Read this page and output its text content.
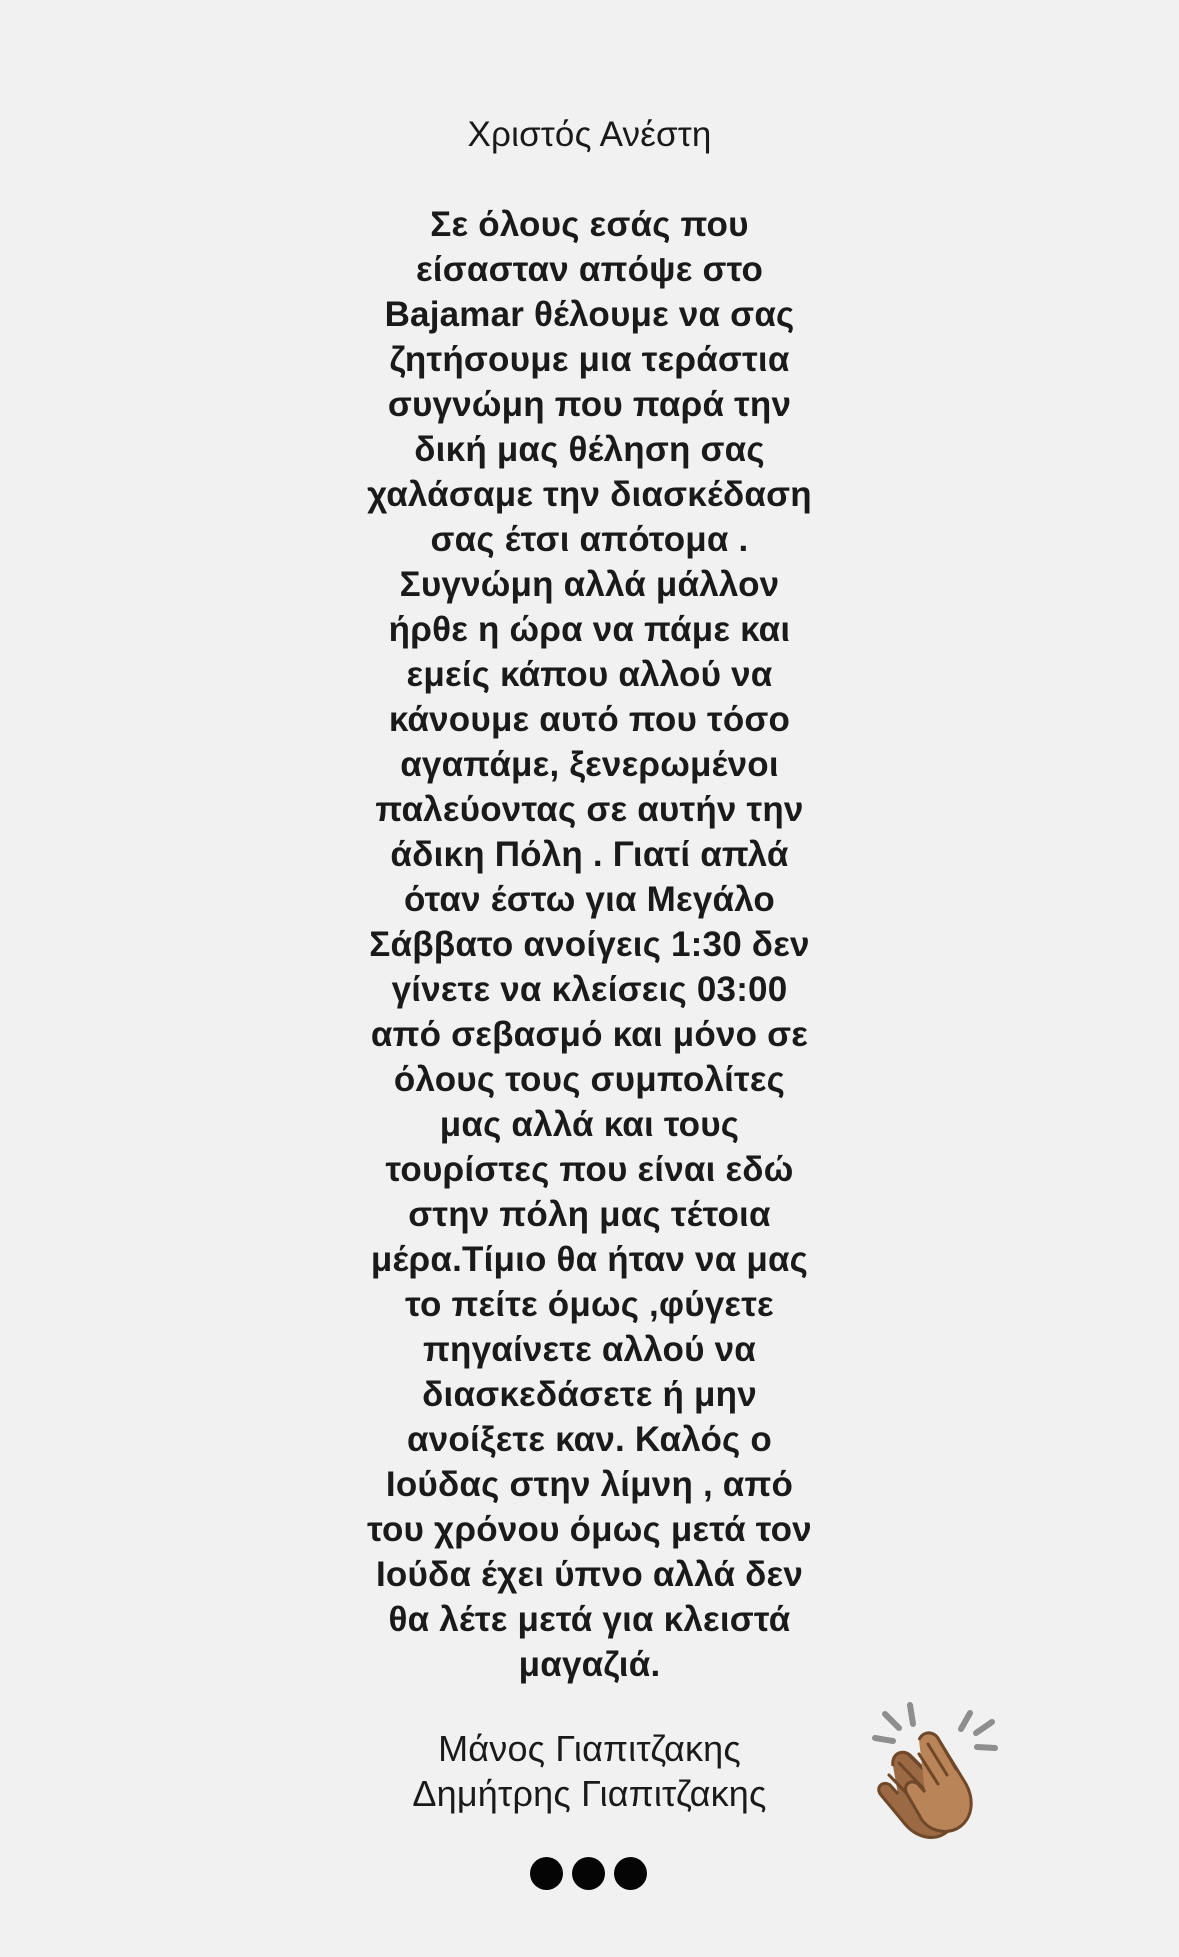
Χριστός Ανέστη
Σε όλους εσάς που
είσασταν απόψε στο
Bajamar θέλουμε να σας
ζητήσουμε μια τεράστια
συγνώμη που παρά την
δική μας θέληση σας
χαλάσαμε την διασκέδαση
σας έτσι απότομα .
Συγνώμη αλλά μάλλον
ήρθε η ώρα να πάμε και
εμείς κάπου αλλού να
κάνουμε αυτό που τόσο
αγαπάμε, ξενερωμένοι
παλεύοντας σε αυτήν την
άδικη Πόλη . Γιατί απλά
όταν έστω για Μεγάλο
Σάββατο ανοίγεις 1:30 δεν
γίνετε να κλείσεις 03:00
από σεβασμό και μόνο σε
όλους τους συμπολίτες
μας αλλά και τους
τουρίστες που είναι εδώ
στην πόλη μας τέτοια
μέρα.Τίμιο θα ήταν να μας
το πείτε όμως ,φύγετε
πηγαίνετε αλλού να
διασκεδάσετε ή μην
ανοίξετε καν. Καλός ο
Ιούδας στην λίμνη , από
του χρόνου όμως μετά τον
Ιούδα έχει ύπνο αλλά δεν
θα λέτε μετά για κλειστά
μαγαζιά.
Μάνος Γιαπιτζακης
Δημήτρης Γιαπιτζακης
